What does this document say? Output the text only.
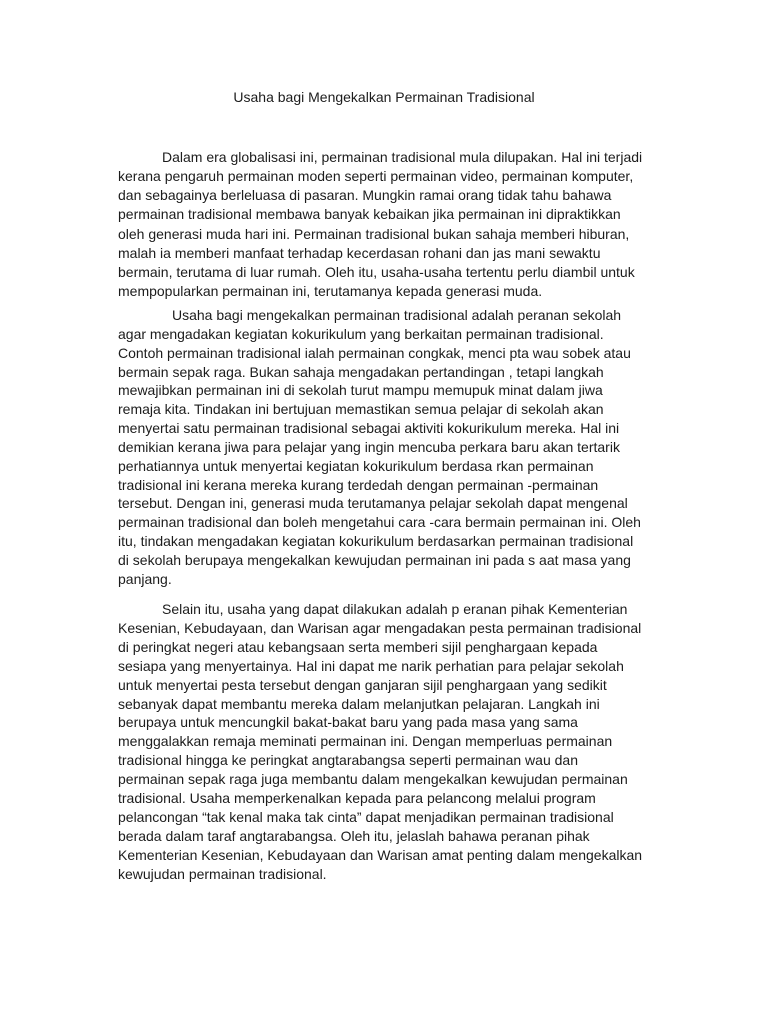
Usaha bagi Mengekalkan Permainan Tradisional
Dalam era globalisasi ini, permainan tradisional mula dilupakan. Hal ini terjadi
kerana pengaruh permainan moden seperti permainan video, permainan komputer,
dan sebagainya berleluasa di pasaran. Mungkin ramai orang tidak tahu bahawa
permainan tradisional membawa banyak kebaikan jika permainan ini dipraktikkan
oleh generasi muda hari ini. Permainan tradisional bukan sahaja memberi hiburan,
malah ia memberi manfaat terhadap kecerdasan rohani dan jas mani sewaktu
bermain, terutama di luar rumah. Oleh itu, usaha-usaha tertentu perlu diambil untuk
mempopularkan permainan ini, terutamanya kepada generasi muda.
Usaha bagi mengekalkan permainan tradisional adalah peranan sekolah
agar mengadakan kegiatan kokurikulum yang berkaitan permainan tradisional.
Contoh permainan tradisional ialah permainan congkak, menci pta wau sobek atau
bermain sepak raga. Bukan sahaja mengadakan pertandingan , tetapi langkah
mewajibkan permainan ini di sekolah turut mampu memupuk minat dalam jiwa
remaja kita. Tindakan ini bertujuan memastikan semua pelajar di sekolah akan
menyertai satu permainan tradisional sebagai aktiviti kokurikulum mereka. Hal ini
demikian kerana jiwa para pelajar yang ingin mencuba perkara baru akan tertarik
perhatiannya untuk menyertai kegiatan kokurikulum berdasa rkan permainan
tradisional ini kerana mereka kurang terdedah dengan permainan -permainan
tersebut. Dengan ini, generasi muda terutamanya pelajar sekolah dapat mengenal
permainan tradisional dan boleh mengetahui cara -cara bermain permainan ini. Oleh
itu, tindakan mengadakan kegiatan kokurikulum berdasarkan permainan tradisional
di sekolah berupaya mengekalkan kewujudan permainan ini pada s aat masa yang
panjang.
Selain itu, usaha yang dapat dilakukan adalah p eranan pihak Kementerian
Kesenian, Kebudayaan, dan Warisan agar mengadakan pesta permainan tradisional
di peringkat negeri atau kebangsaan serta memberi sijil penghargaan kepada
sesiapa yang menyertainya. Hal ini dapat me narik perhatian para pelajar sekolah
untuk menyertai pesta tersebut dengan ganjaran sijil penghargaan yang sedikit
sebanyak dapat membantu mereka dalam melanjutkan pelajaran. Langkah ini
berupaya untuk mencungkil bakat-bakat baru yang pada masa yang sama
menggalakkan remaja meminati permainan ini. Dengan memperluas permainan
tradisional hingga ke peringkat angtarabangsa seperti permainan wau dan
permainan sepak raga juga membantu dalam mengekalkan kewujudan permainan
tradisional. Usaha memperkenalkan kepada para pelancong melalui program
pelancongan “tak kenal maka tak cinta” dapat menjadikan permainan tradisional
berada dalam taraf angtarabangsa. Oleh itu, jelaslah bahawa peranan pihak
Kementerian Kesenian, Kebudayaan dan Warisan amat penting dalam mengekalkan
kewujudan permainan tradisional.
